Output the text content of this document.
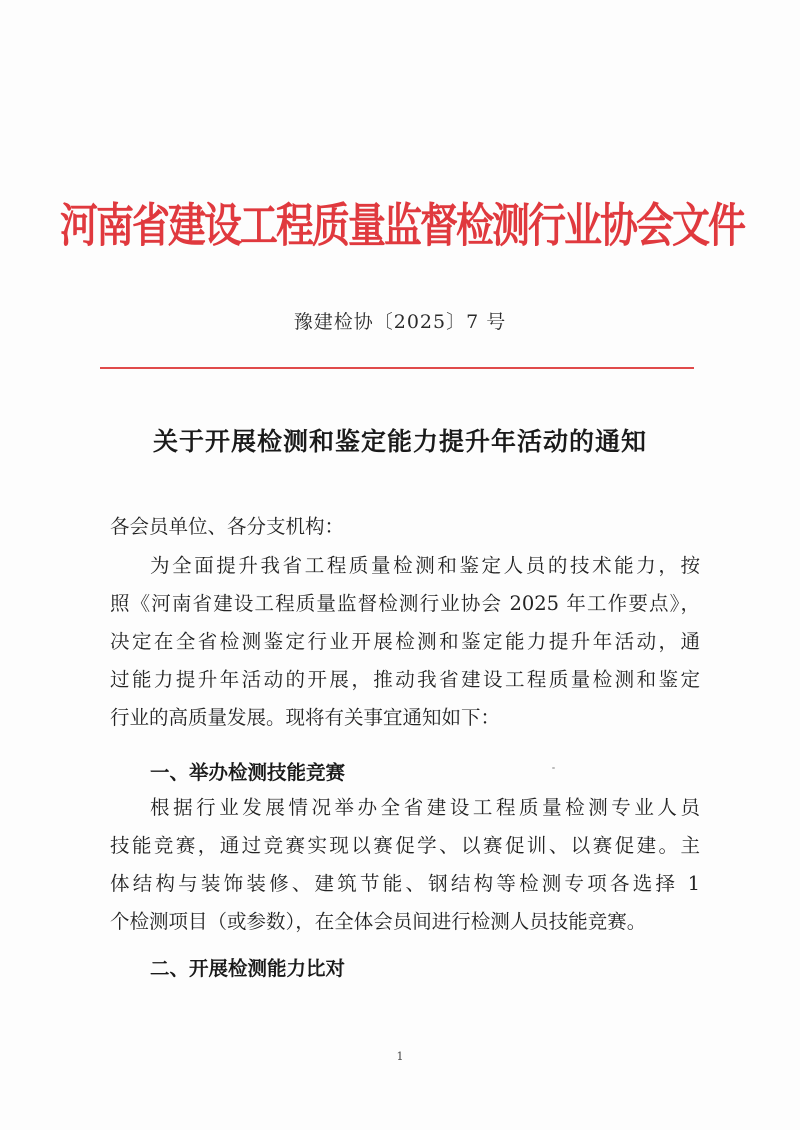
河南省建设工程质量监督检测行业协会文件
豫建检协〔2025〕7 号
关于开展检测和鉴定能力提升年活动的通知
各会员单位、各分支机构：
为全面提升我省工程质量检测和鉴定人员的技术能力，按
照《河南省建设工程质量监督检测行业协会 2025 年工作要点》，
决定在全省检测鉴定行业开展检测和鉴定能力提升年活动，通
过能力提升年活动的开展，推动我省建设工程质量检测和鉴定
行业的高质量发展。现将有关事宜通知如下：
一、举办检测技能竞赛
根据行业发展情况举办全省建设工程质量检测专业人员
技能竞赛，通过竞赛实现以赛促学、以赛促训、以赛促建。主
体结构与装饰装修、建筑节能、钢结构等检测专项各选择 1
个检测项目（或参数），在全体会员间进行检测人员技能竞赛。
二、开展检测能力比对
1
